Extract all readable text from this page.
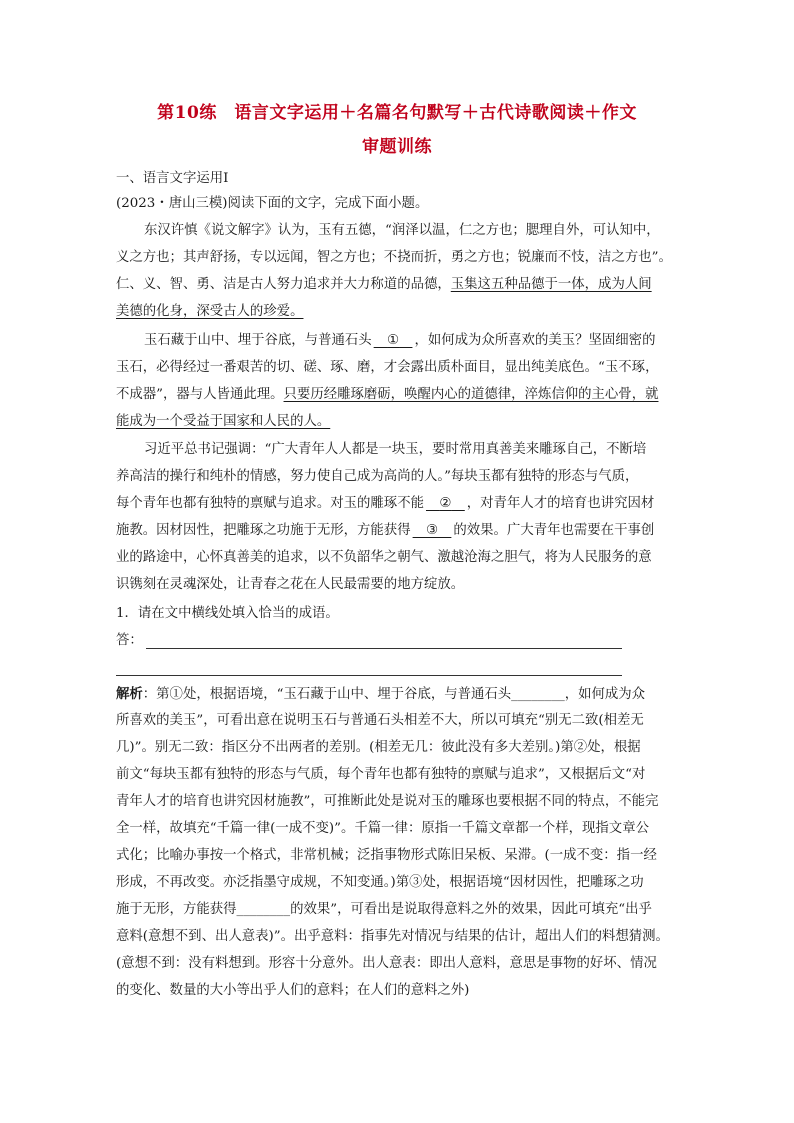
第10练　语言文字运用＋名篇名句默写＋古代诗歌阅读＋作文
审题训练
一、语言文字运用Ⅰ
(2023・唐山三模)阅读下面的文字，完成下面小题。
东汉许慎《说文解字》认为，玉有五德，“润泽以温，仁之方也；腮理自外，可认知中，
义之方也；其声舒扬，专以远闻，智之方也；不挠而折，勇之方也；锐廉而不忮，洁之方也”。
仁、义、智、勇、洁是古人努力追求并大力称道的品德，玉集这五种品德于一体，成为人间
美德的化身，深受古人的珍爱。
玉石藏于山中、埋于谷底，与普通石头  ①  ，如何成为众所喜欢的美玉？坚固细密的
玉石，必得经过一番艰苦的切、磋、琢、磨，才会露出质朴面目，显出纯美底色。“玉不琢，
不成器”，器与人皆通此理。只要历经雕琢磨砺，唤醒内心的道德律，淬炼信仰的主心骨，就
能成为一个受益于国家和人民的人。
习近平总书记强调：“广大青年人人都是一块玉，要时常用真善美来雕琢自己，不断培
养高洁的操行和纯朴的情感，努力使自己成为高尚的人。”每块玉都有独特的形态与气质，
每个青年也都有独特的禀赋与追求。对玉的雕琢不能  ②  ，对青年人才的培育也讲究因材
施教。因材因性，把雕琢之功施于无形，方能获得  ③  的效果。广大青年也需要在干事创
业的路途中，心怀真善美的追求，以不负韶华之朝气、激越沧海之胆气，将为人民服务的意
识镌刻在灵魂深处，让青春之花在人民最需要的地方绽放。
1．请在文中横线处填入恰当的成语。
答：
解析：第①处，根据语境，“玉石藏于山中、埋于谷底，与普通石头________，如何成为众
所喜欢的美玉”，可看出意在说明玉石与普通石头相差不大，所以可填充“别无二致(相差无
几)”。别无二致：指区分不出两者的差别。(相差无几：彼此没有多大差别。)第②处，根据
前文“每块玉都有独特的形态与气质，每个青年也都有独特的禀赋与追求”，又根据后文“对
青年人才的培育也讲究因材施教”，可推断此处是说对玉的雕琢也要根据不同的特点，不能完
全一样，故填充“千篇一律(一成不变)”。千篇一律：原指一千篇文章都一个样，现指文章公
式化；比喻办事按一个格式，非常机械；泛指事物形式陈旧呆板、呆滞。(一成不变：指一经
形成，不再改变。亦泛指墨守成规，不知变通。)第③处，根据语境“因材因性，把雕琢之功
施于无形，方能获得________的效果”，可看出是说取得意料之外的效果，因此可填充“出乎
意料(意想不到、出人意表)”。出乎意料：指事先对情况与结果的估计，超出人们的料想猜测。
(意想不到：没有料想到。形容十分意外。出人意表：即出人意料，意思是事物的好坏、情况
的变化、数量的大小等出乎人们的意料；在人们的意料之外)
